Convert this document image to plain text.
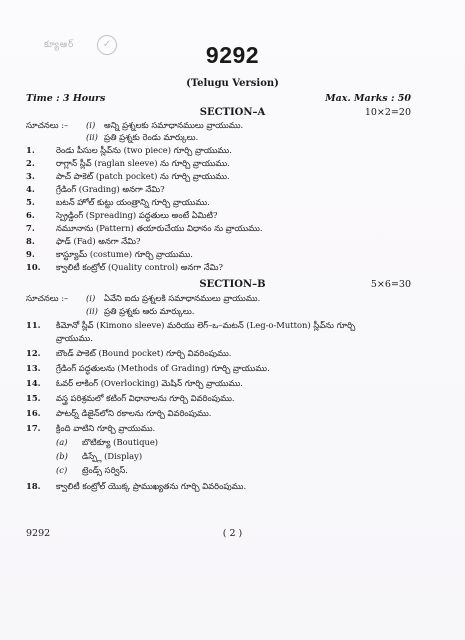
క్యూఆర్‌	✓	9292
(Telugu Version)
Time : 3 Hours	Max. Marks : 50
SECTION–A	10×2=20
సూచనలు :– (i) అన్ని ప్రశ్నలకు సమాధానములు వ్రాయుము.
(ii) ప్రతి ప్రశ్నకు రెండు మార్కులు.
1.	రెండు పీసుల స్లీవ్‌ను (two piece) గూర్చి వ్రాయుము.
2.	రాగ్లాన్ స్లీవ్ (raglan sleeve) ను గూర్చి వ్రాయుము.
3.	పాచ్ పాకెట్ (patch pocket) ను గూర్చి వ్రాయుము.
4.	గ్రేడింగ్ (Grading) అనగా నేమి?
5.	బటన్ హోల్ కుట్టు యంత్రాన్ని గూర్చి వ్రాయుము.
6.	స్ప్రెడ్డింగ్ (Spreading) పద్ధతులు అంటే ఏమిటి?
7.	నమూనాను (Pattern) తయారుచేయు విధానం ను వ్రాయుము.
8.	ఫాడ్ (Fad) అనగా నేమి?
9.	కాస్ట్యూమ్ (costume) గూర్చి వ్రాయుము.
10. క్వాలిటీ కంట్రోల్ (Quality control) అనగా నేమి?
SECTION–B	5×6=30
సూచనలు :– (i) ఏవేని ఐదు ప్రశ్నలకి సమాధానములు వ్రాయుము.
(ii) ప్రతి ప్రశ్నకు ఆరు మార్కులు.
11. కిమోనో స్లీవ్ (Kimono sleeve) మరియు లెగ్–ఒ–మటన్ (Leg-o-Mutton) స్లీవ్‌ను గూర్చి
వ్రాయుము.
12. బౌండ్ పాకెట్ (Bound pocket) గూర్చి వివరింపుము.
13. గ్రేడింగ్ పద్ధతులను (Methods of Grading) గూర్చి వ్రాయుము.
14. ఓవర్ లాకింగ్ (Overlocking) మెషిన్ గూర్చి వ్రాయుము.
15. వస్త్ర పరిశ్రమలో కటింగ్ విధానాలను గూర్చి వివరింపుము.
16. పాటర్న్ డిజైన్‌లోని రకాలను గూర్చి వివరింపుము.
17. క్రింది వాటిని గూర్చి వ్రాయుము.
(a) బొటిక్యూ (Boutique)
(b) డిస్ప్లే (Display)
(c) ట్రెండ్స్ సర్విస్.
18. క్వాలిటీ కంట్రోల్ యొక్క ప్రాముఖ్యతను గూర్చి వివరింపుము.
9292	( 2 )
